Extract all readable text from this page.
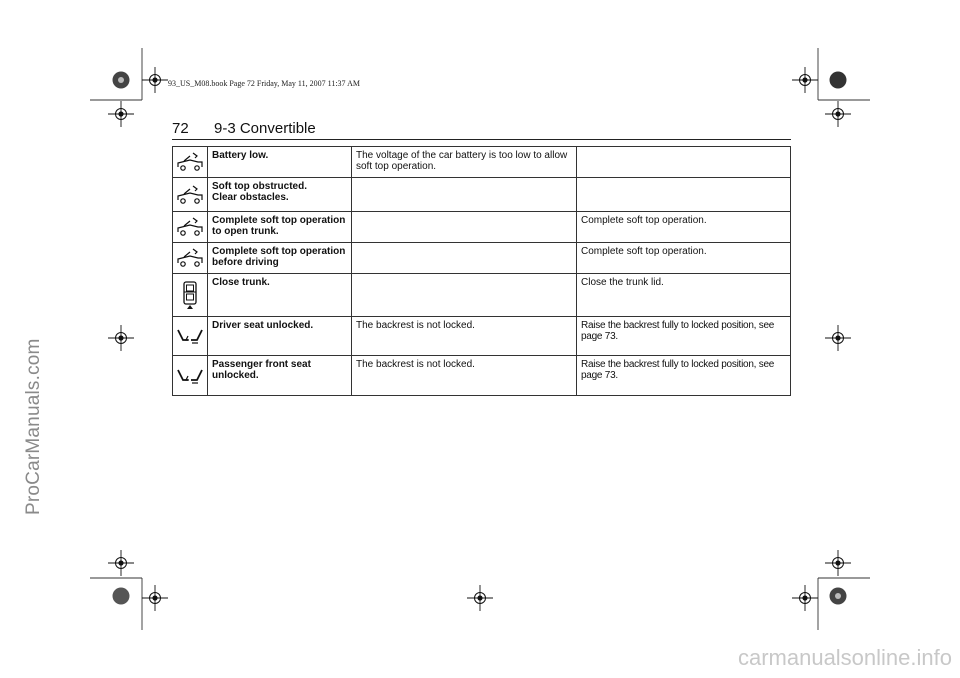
93_US_M08.book Page 72 Friday, May 11, 2007 11:37 AM
72 9-3 Convertible
	Battery low.	The voltage of the car battery is too low to allow soft top operation.	

	Soft top obstructed.
Clear obstacles.		

	Complete soft top operation to open trunk.		Complete soft top operation.

	Complete soft top operation before driving		Complete soft top operation.

	Close trunk.		Close the trunk lid.

	Driver seat unlocked.	The backrest is not locked.	Raise the backrest fully to locked position, see page 73.

	Passenger front seat unlocked.	The backrest is not locked.	Raise the backrest fully to locked position, see page 73.
ProCarManuals.com
carmanualsonline.info
